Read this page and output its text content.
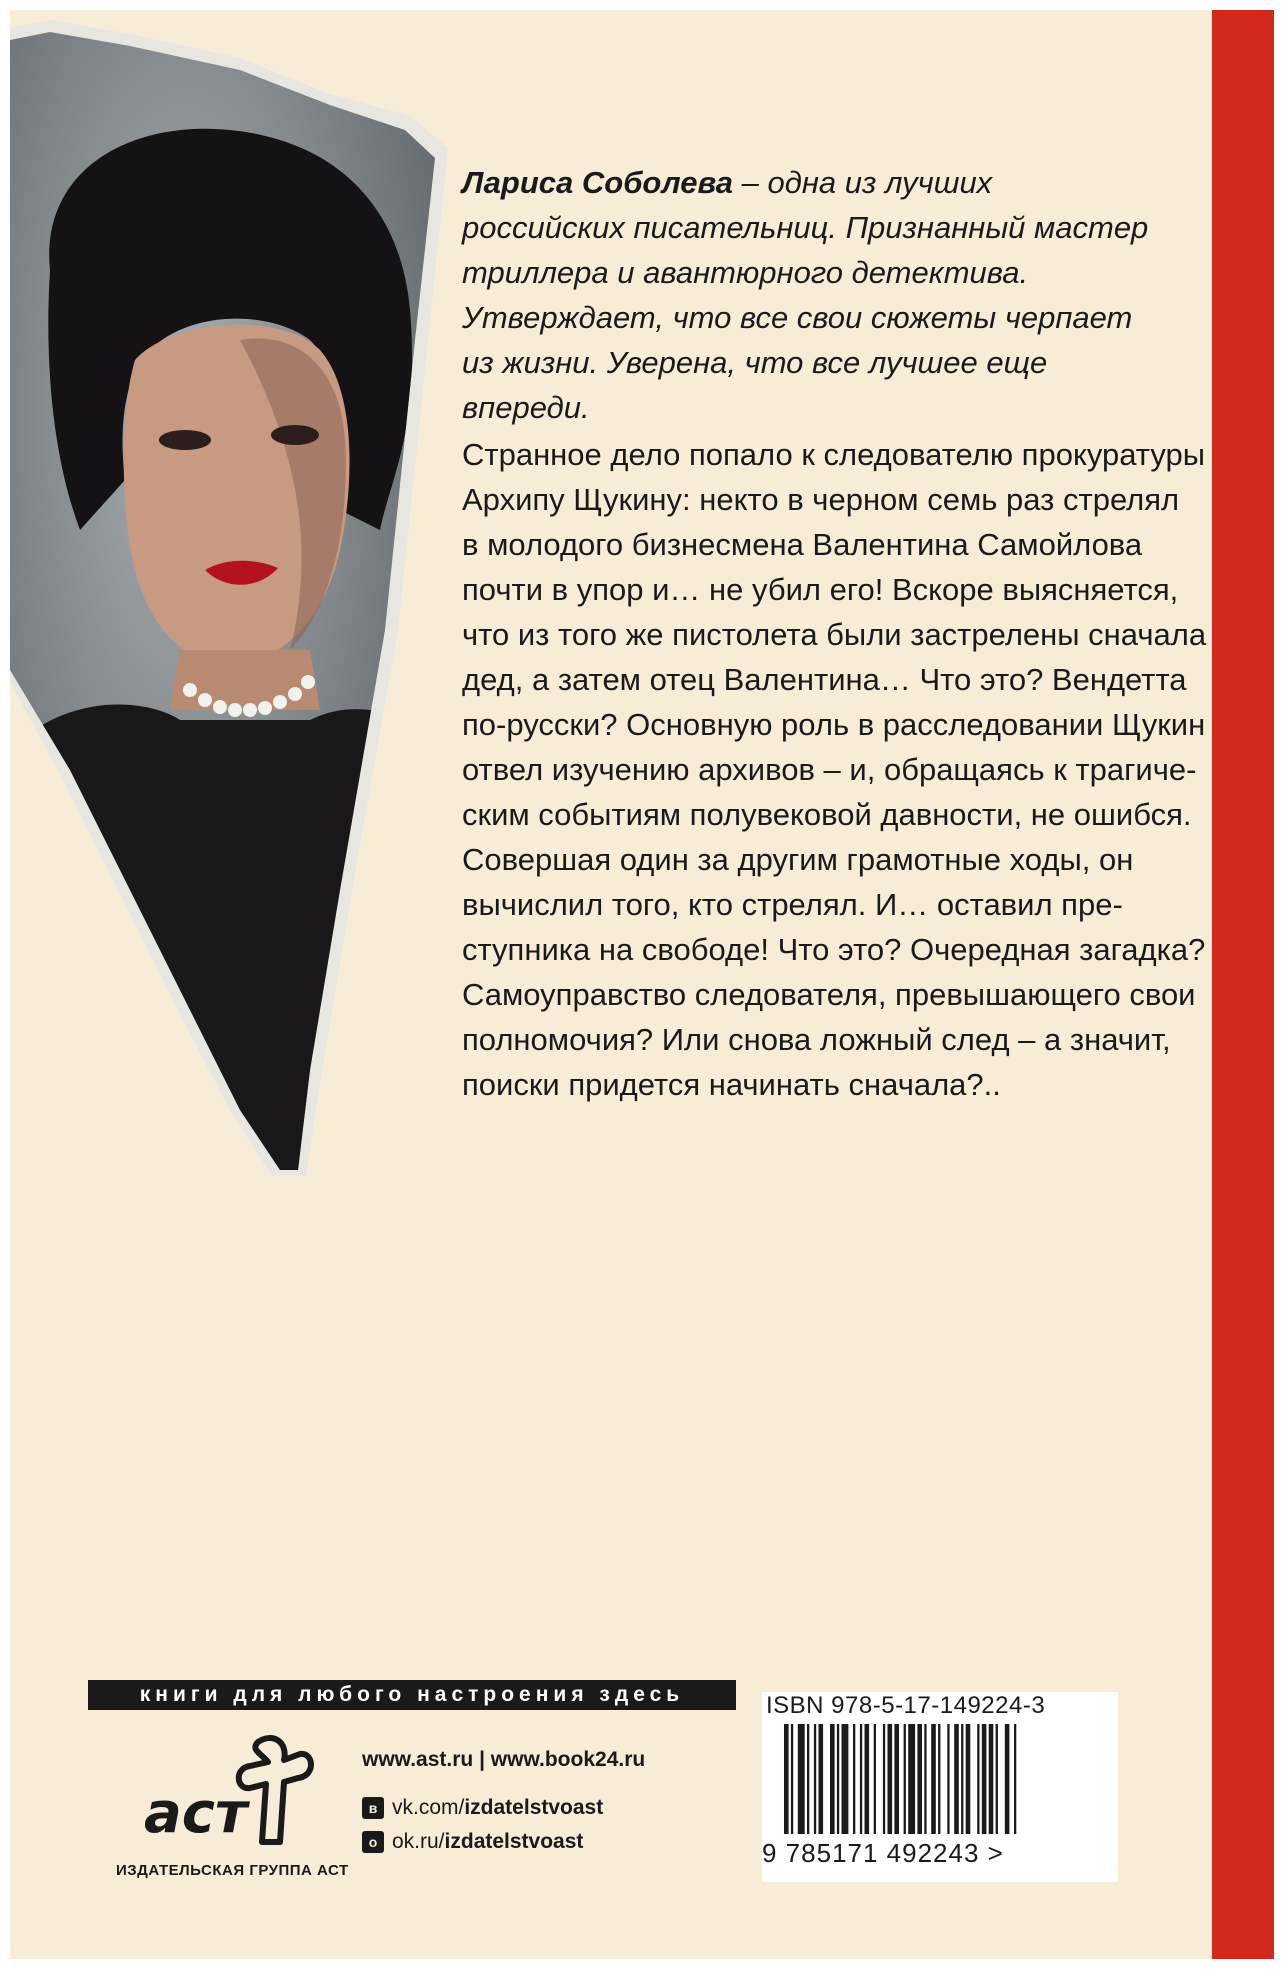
Лариса Соболева – одна из лучших российских писательниц. Признанный мастер триллера и авантюрного детектива. Утверждает, что все свои сюжеты черпает из жизни. Уверена, что все лучшее еще впереди.

Странное дело попало к следователю прокуратуры

Архипу Щукину: некто в черном семь раз стрелял

в молодого бизнесмена Валентина Самойлова

почти в упор и… не убил его! Вскоре выясняется,

что из того же пистолета были застрелены сначала

дед, а затем отец Валентина… Что это? Вендетта

по-русски? Основную роль в расследовании Щукин

отвел изучению архивов – и, обращаясь к трагиче-

ским событиям полувековой давности, не ошибся.

Совершая один за другим грамотные ходы, он

вычислил того, кто стрелял. И… оставил пре-

ступника на свободе! Что это? Очередная загадка?

Самоуправство следователя, превышающего свои

полномочия? Или снова ложный след – а значит,

поиски придется начинать сначала?..

книги для любого настроения здесь
аст
ИЗДАТЕЛЬСКАЯ ГРУППА АСТ
www.ast.ru | www.book24.ru
в vk.com/izdatelstvoast
о ok.ru/izdatelstvoast
ISBN 978-5-17-149224-3
9 785171 492243 >
